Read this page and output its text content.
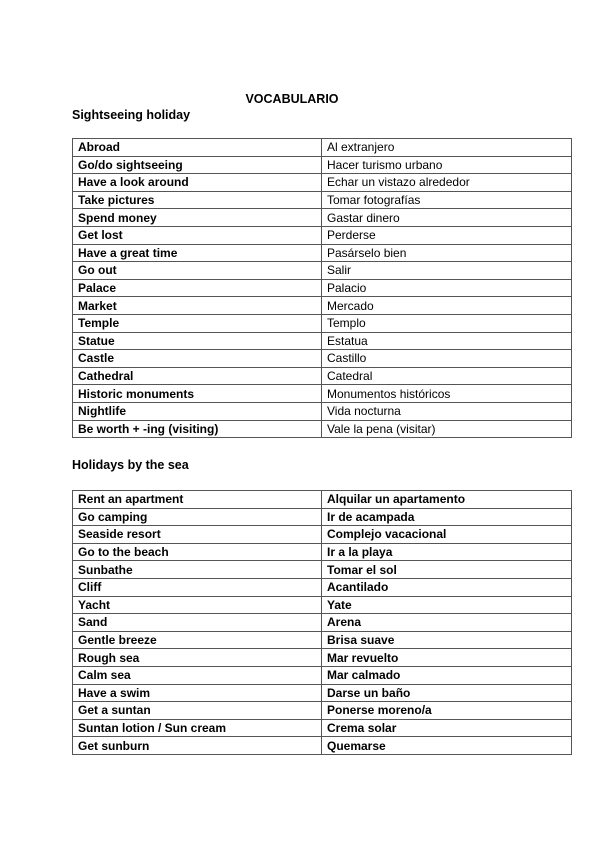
VOCABULARIO
Sightseeing holiday
Abroad	Al extranjero
Go/do sightseeing	Hacer turismo urbano
Have a look around	Echar un vistazo alrededor
Take pictures	Tomar fotografías
Spend money	Gastar dinero
Get lost	Perderse
Have a great time	Pasárselo bien
Go out	Salir
Palace	Palacio
Market	Mercado
Temple	Templo
Statue	Estatua
Castle	Castillo
Cathedral	Catedral
Historic monuments	Monumentos históricos
Nightlife	Vida nocturna
Be worth + -ing (visiting)	Vale la pena (visitar)
Holidays by the sea
Rent an apartment	Alquilar un apartamento
Go camping	Ir de acampada
Seaside resort	Complejo vacacional
Go to the beach	Ir a la playa
Sunbathe	Tomar el sol
Cliff	Acantilado
Yacht	Yate
Sand	Arena
Gentle breeze	Brisa suave
Rough sea	Mar revuelto
Calm sea	Mar calmado
Have a swim	Darse un baño
Get a suntan	Ponerse moreno/a
Suntan lotion / Sun cream	Crema solar
Get sunburn	Quemarse
